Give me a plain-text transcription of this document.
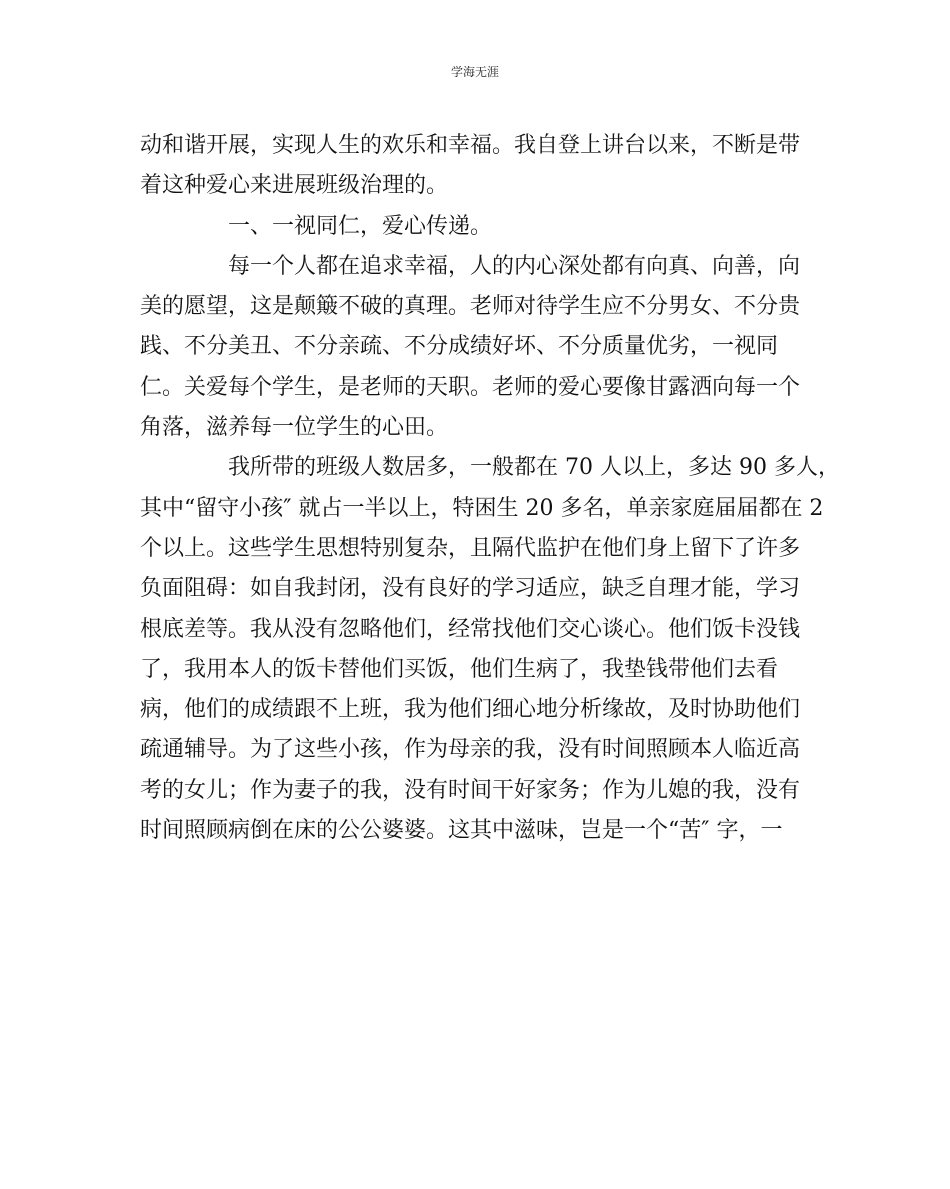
学海无涯
动和谐开展，实现人生的欢乐和幸福。我自登上讲台以来，不断是带
着这种爱心来进展班级治理的。
一、一视同仁，爱心传递。
每一个人都在追求幸福，人的内心深处都有向真、向善，向
美的愿望，这是颠簸不破的真理。老师对待学生应不分男女、不分贵
践、不分美丑、不分亲疏、不分成绩好坏、不分质量优劣，一视同
仁。关爱每个学生，是老师的天职。老师的爱心要像甘露洒向每一个
角落，滋养每一位学生的心田。
我所带的班级人数居多，一般都在 70 人以上，多达 90 多人，
其中“留守小孩″ 就占一半以上，特困生 20 多名，单亲家庭届届都在 2
个以上。这些学生思想特别复杂，且隔代监护在他们身上留下了许多
负面阻碍：如自我封闭，没有良好的学习适应，缺乏自理才能，学习
根底差等。我从没有忽略他们，经常找他们交心谈心。他们饭卡没钱
了，我用本人的饭卡替他们买饭，他们生病了，我垫钱带他们去看
病，他们的成绩跟不上班，我为他们细心地分析缘故，及时协助他们
疏通辅导。为了这些小孩，作为母亲的我，没有时间照顾本人临近高
考的女儿；作为妻子的我，没有时间干好家务；作为儿媳的我，没有
时间照顾病倒在床的公公婆婆。这其中滋味，岂是一个“苦″ 字，一
